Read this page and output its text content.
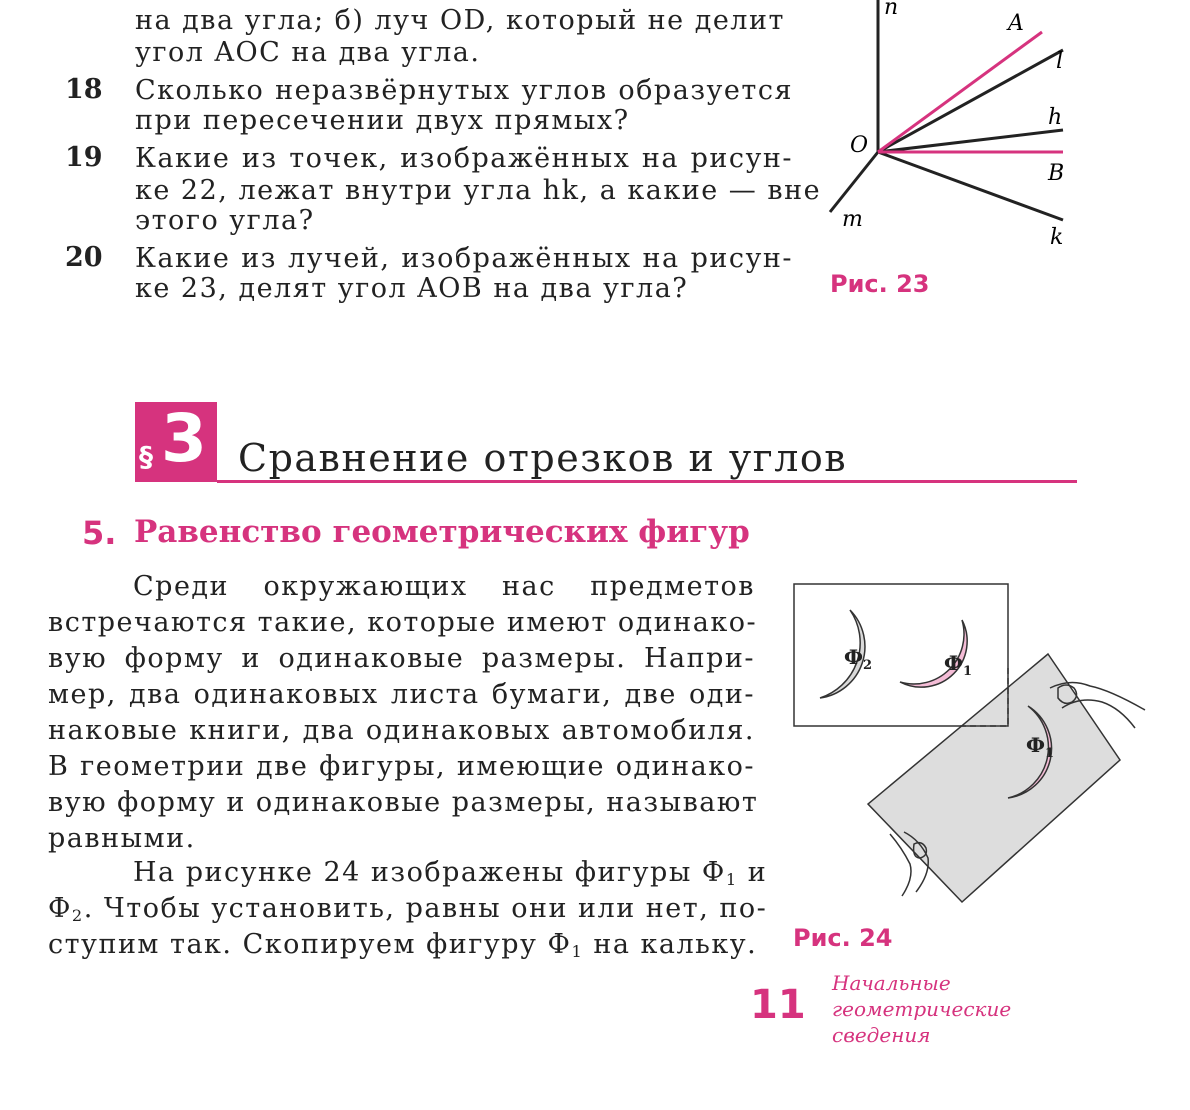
на два угла; б) луч OD, который не делит
угол AOC на два угла.
18 Сколько неразвёрнутых углов образуется
при пересечении двух прямых?
19 Какие из точек, изображённых на рисун-
ке 22, лежат внутри угла hk, а какие — вне
этого угла?
20 Какие из лучей, изображённых на рисун-
ке 23, делят угол AOB на два угла?
n
A
l
h
O
B
m
k
Рис. 23
§ 3 Сравнение отрезков и углов
5. Равенство геометрических фигур
Среди окружающих нас предметов
встречаются такие, которые имеют одинако-
вую форму и одинаковые размеры. Напри-
мер, два одинаковых листа бумаги, две оди-
наковые книги, два одинаковых автомобиля.
В геометрии две фигуры, имеющие одинако-
вую форму и одинаковые размеры, называют
равными.
На рисунке 24 изображены фигуры $Ф_1$ и
$Ф_2$. Чтобы установить, равны они или нет, по-
ступим так. Скопируем фигуру $Ф_1$ на кальку.
$Ф_2$	$Ф_1$
$Ф_1$
Рис. 24
11 Начальные
геометрические
сведения
